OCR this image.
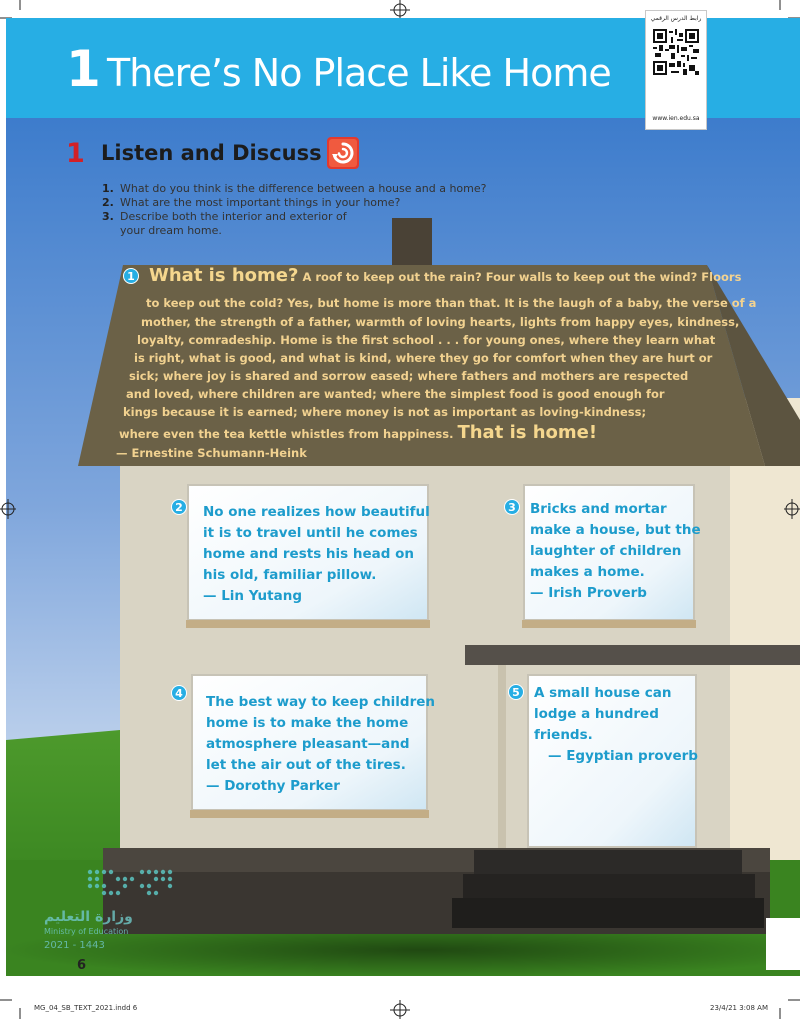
وزارة التعليم
Ministry of Education
2021 - 1443
1 There’s No Place Like Home
رابط الدرس الرقمي
www.ien.edu.sa
1 Listen and Discuss
1. What do you think is the difference between a house and a home?
2. What are the most important things in your home?
3. Describe both the interior and exterior of
your dream home.
1 What is home? A roof to keep out the rain? Four walls to keep out the wind? Floors
to keep out the cold? Yes, but home is more than that. It is the laugh of a baby, the verse of a
mother, the strength of a father, warmth of loving hearts, lights from happy eyes, kindness,
loyalty, comradeship. Home is the first school . . . for young ones, where they learn what
is right, what is good, and what is kind, where they go for comfort when they are hurt or
sick; where joy is shared and sorrow eased; where fathers and mothers are respected
and loved, where children are wanted; where the simplest food is good enough for
kings because it is earned; where money is not as important as loving-kindness;
where even the tea kettle whistles from happiness. That is home!
— Ernestine Schumann-Heink
2	No one realizes how beautiful
it is to travel until he comes
home and rests his head on
his old, familiar pillow.
— Lin Yutang
3	Bricks and mortar
make a house, but the
laughter of children
makes a home.
— Irish Proverb
4
The best way to keep children
home is to make the home
atmosphere pleasant—and
let the air out of the tires.
— Dorothy Parker
5	A small house can
lodge a hundred
friends.
— Egyptian proverb
6
MG_04_SB_TEXT_2021.indd 6	23/4/21 3:08 AM
